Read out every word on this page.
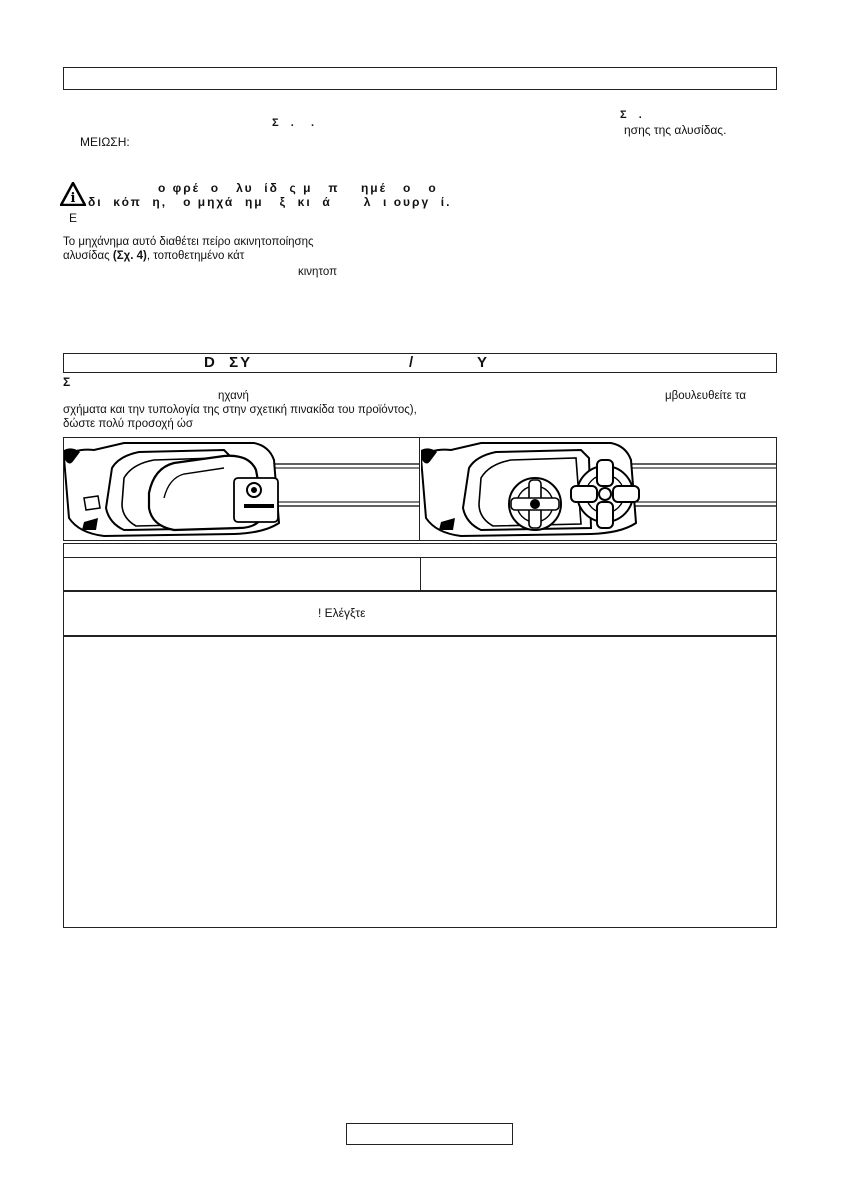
Σ  .   .
Σ  .
ησης της αλυσίδας.
ΜΕΙΩΣΗ:
i
ο φρέ  ο   λυ  ίδ  ς μ   π    ημέ   ο   ο
δι  κόπ  η,   ο μηχά  ημ   ξ  κι  ά      λ  ι ουργ  ί.
Ε
Το μηχάνημα αυτό διαθέτει πείρο ακινητοποίησης
αλυσίδας (Σχ. 4), τοποθετημένο κάτ
κινητοπ
D  ΣΥ	/	Υ
Σ
ηχανή	μβουλευθείτε τα
σχήματα και την τυπολογία της στην σχετική πινακίδα του προϊόντος),
δώστε πολύ προσοχή ώσ
! Ελέγξτε
